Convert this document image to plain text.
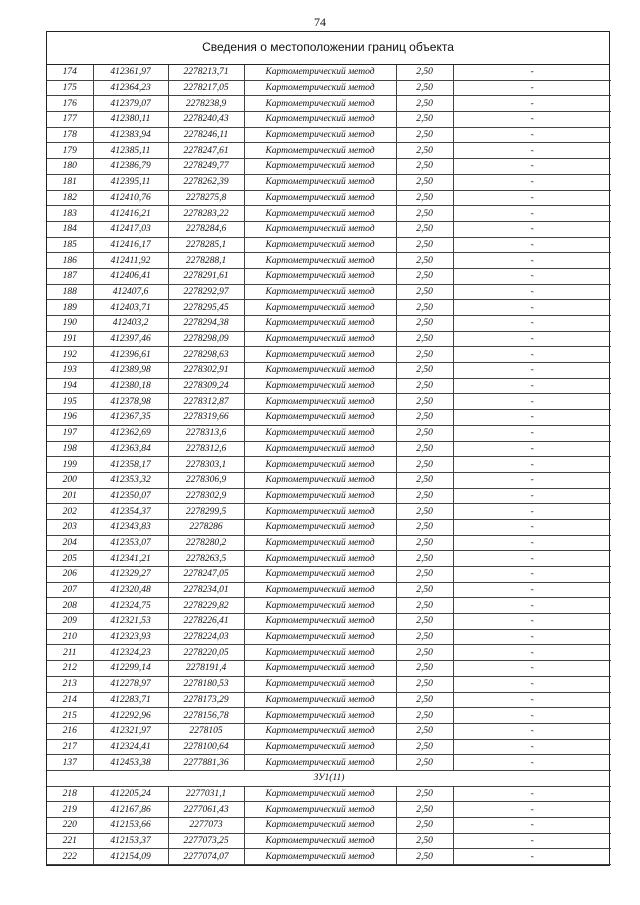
74
Сведения о местоположении границ объекта
174	412361,97	2278213,71	Картометрический метод	2,50	-
175	412364,23	2278217,05	Картометрический метод	2,50	-
176	412379,07	2278238,9	Картометрический метод	2,50	-
177	412380,11	2278240,43	Картометрический метод	2,50	-
178	412383,94	2278246,11	Картометрический метод	2,50	-
179	412385,11	2278247,61	Картометрический метод	2,50	-
180	412386,79	2278249,77	Картометрический метод	2,50	-
181	412395,11	2278262,39	Картометрический метод	2,50	-
182	412410,76	2278275,8	Картометрический метод	2,50	-
183	412416,21	2278283,22	Картометрический метод	2,50	-
184	412417,03	2278284,6	Картометрический метод	2,50	-
185	412416,17	2278285,1	Картометрический метод	2,50	-
186	412411,92	2278288,1	Картометрический метод	2,50	-
187	412406,41	2278291,61	Картометрический метод	2,50	-
188	412407,6	2278292,97	Картометрический метод	2,50	-
189	412403,71	2278295,45	Картометрический метод	2,50	-
190	412403,2	2278294,38	Картометрический метод	2,50	-
191	412397,46	2278298,09	Картометрический метод	2,50	-
192	412396,61	2278298,63	Картометрический метод	2,50	-
193	412389,98	2278302,91	Картометрический метод	2,50	-
194	412380,18	2278309,24	Картометрический метод	2,50	-
195	412378,98	2278312,87	Картометрический метод	2,50	-
196	412367,35	2278319,66	Картометрический метод	2,50	-
197	412362,69	2278313,6	Картометрический метод	2,50	-
198	412363,84	2278312,6	Картометрический метод	2,50	-
199	412358,17	2278303,1	Картометрический метод	2,50	-
200	412353,32	2278306,9	Картометрический метод	2,50	-
201	412350,07	2278302,9	Картометрический метод	2,50	-
202	412354,37	2278299,5	Картометрический метод	2,50	-
203	412343,83	2278286	Картометрический метод	2,50	-
204	412353,07	2278280,2	Картометрический метод	2,50	-
205	412341,21	2278263,5	Картометрический метод	2,50	-
206	412329,27	2278247,05	Картометрический метод	2,50	-
207	412320,48	2278234,01	Картометрический метод	2,50	-
208	412324,75	2278229,82	Картометрический метод	2,50	-
209	412321,53	2278226,41	Картометрический метод	2,50	-
210	412323,93	2278224,03	Картометрический метод	2,50	-
211	412324,23	2278220,05	Картометрический метод	2,50	-
212	412299,14	2278191,4	Картометрический метод	2,50	-
213	412278,97	2278180,53	Картометрический метод	2,50	-
214	412283,71	2278173,29	Картометрический метод	2,50	-
215	412292,96	2278156,78	Картометрический метод	2,50	-
216	412321,97	2278105	Картометрический метод	2,50	-
217	412324,41	2278100,64	Картометрический метод	2,50	-
137	412453,38	2277881,36	Картометрический метод	2,50	-
ЗУ1(11)					
218	412205,24	2277031,1	Картометрический метод	2,50	-
219	412167,86	2277061,43	Картометрический метод	2,50	-
220	412153,66	2277073	Картометрический метод	2,50	-
221	412153,37	2277073,25	Картометрический метод	2,50	-
222	412154,09	2277074,07	Картометрический метод	2,50	-
